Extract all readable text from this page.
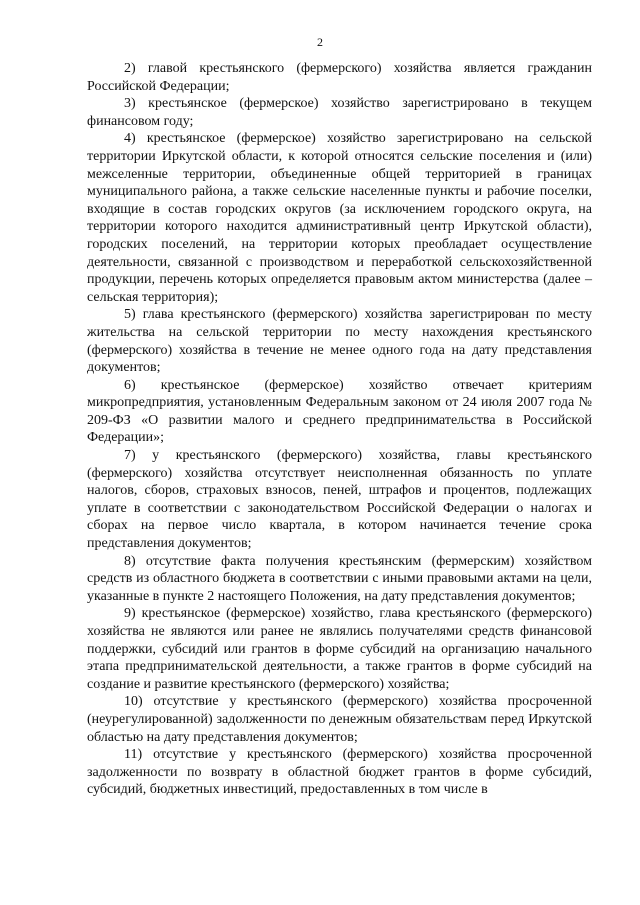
2

2) главой крестьянского (фермерского) хозяйства является гражданин Российской Федерации;

3) крестьянское (фермерское) хозяйство зарегистрировано в текущем финансовом году;

4) крестьянское (фермерское) хозяйство зарегистрировано на сельской территории Иркутской области, к которой относятся сельские поселения и (или) межселенные территории, объединенные общей территорией в границах муниципального района, а также сельские населенные пункты и рабочие поселки, входящие в состав городских округов (за исключением городского округа, на территории которого находится административный центр Иркутской области), городских поселений, на территории которых преобладает осуществление деятельности, связанной с производством и переработкой сельскохозяйственной продукции, перечень которых определяется правовым актом министерства (далее – сельская территория);

5) глава крестьянского (фермерского) хозяйства зарегистрирован по месту жительства на сельской территории по месту нахождения крестьянского (фермерского) хозяйства в течение не менее одного года на дату представления документов;

6) крестьянское (фермерское) хозяйство отвечает критериям микропредприятия, установленным Федеральным законом от 24 июля 2007 года № 209-ФЗ «О развитии малого и среднего предпринимательства в Российской Федерации»;

7) у крестьянского (фермерского) хозяйства, главы крестьянского (фермерского) хозяйства отсутствует неисполненная обязанность по уплате налогов, сборов, страховых взносов, пеней, штрафов и процентов, подлежащих уплате в соответствии с законодательством Российской Федерации о налогах и сборах на первое число квартала, в котором начинается течение срока представления документов;

8) отсутствие факта получения крестьянским (фермерским) хозяйством средств из областного бюджета в соответствии с иными правовыми актами на цели, указанные в пункте 2 настоящего Положения, на дату представления документов;

9) крестьянское (фермерское) хозяйство, глава крестьянского (фермерского) хозяйства не являются или ранее не являлись получателями средств финансовой поддержки, субсидий или грантов в форме субсидий на организацию начального этапа предпринимательской деятельности, а также грантов в форме субсидий на создание и развитие крестьянского (фермерского) хозяйства;

10) отсутствие у крестьянского (фермерского) хозяйства просроченной (неурегулированной) задолженности по денежным обязательствам перед Иркутской областью на дату представления документов;

11) отсутствие у крестьянского (фермерского) хозяйства просроченной задолженности по возврату в областной бюджет грантов в форме субсидий, субсидий, бюджетных инвестиций, предоставленных в том числе в
